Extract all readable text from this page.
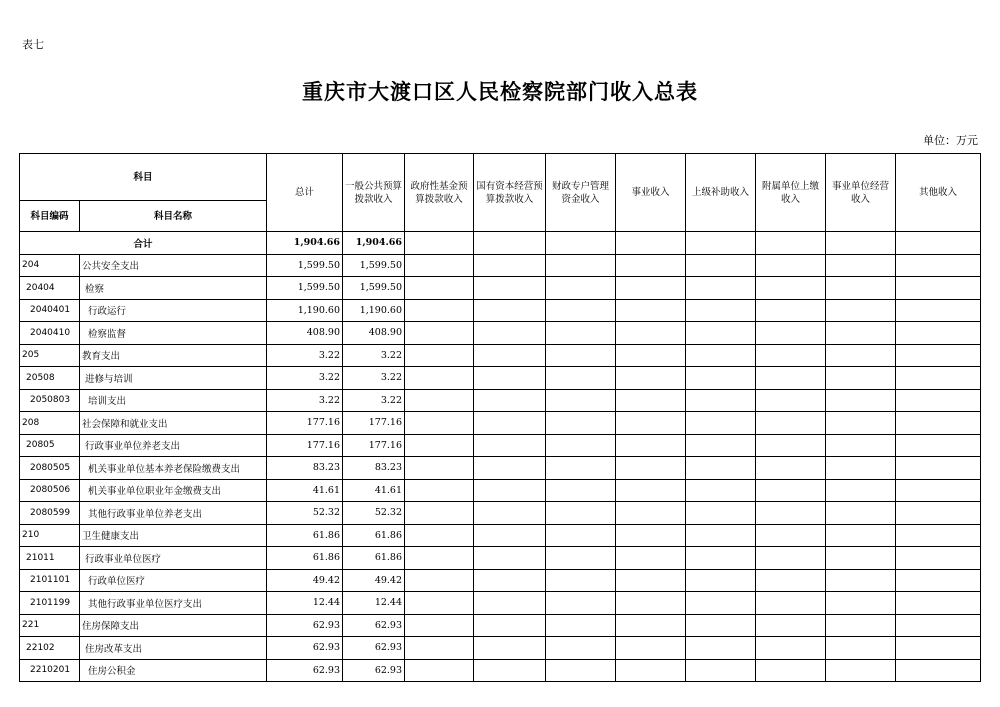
表七
重庆市大渡口区人民检察院部门收入总表
单位：万元
科目		总计	一般公共预算拨款收入	政府性基金预算拨款收入	国有资本经营预算拨款收入	财政专户管理资金收入	事业收入	上级补助收入	附属单位上缴收入	事业单位经营收入	其他收入
科目编码	科目名称										
合计		1,904.66	1,904.66								
204	公共安全支出	1,599.50	1,599.50								
20404	检察	1,599.50	1,599.50								
2040401	行政运行	1,190.60	1,190.60								
2040410	检察监督	408.90	408.90								
205	教育支出	3.22	3.22								
20508	进修与培训	3.22	3.22								
2050803	培训支出	3.22	3.22								
208	社会保障和就业支出	177.16	177.16								
20805	行政事业单位养老支出	177.16	177.16								
2080505	机关事业单位基本养老保险缴费支出	83.23	83.23								
2080506	机关事业单位职业年金缴费支出	41.61	41.61								
2080599	其他行政事业单位养老支出	52.32	52.32								
210	卫生健康支出	61.86	61.86								
21011	行政事业单位医疗	61.86	61.86								
2101101	行政单位医疗	49.42	49.42								
2101199	其他行政事业单位医疗支出	12.44	12.44								
221	住房保障支出	62.93	62.93								
22102	住房改革支出	62.93	62.93								
2210201	住房公积金	62.93	62.93								
